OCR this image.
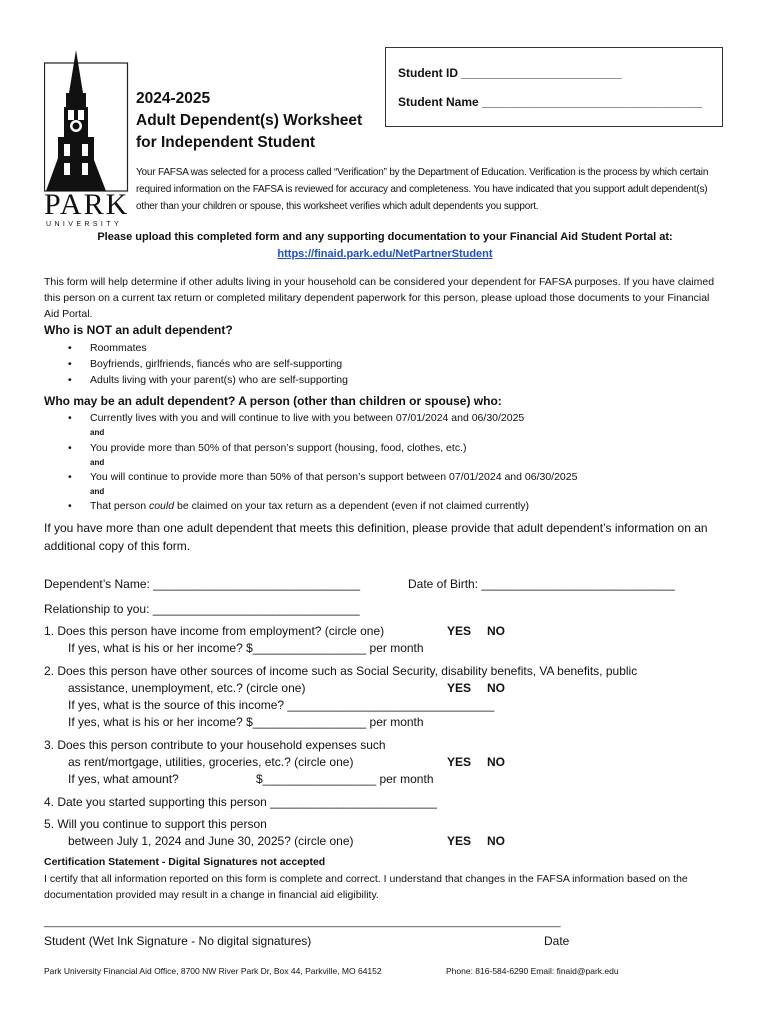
PARK
UNIVERSITY
Student ID ________________________
Student Name _________________________________
2024-2025
Adult Dependent(s) Worksheet
for Independent Student
Your FAFSA was selected for a process called “Verification” by the Department of Education. Verification is the process by which certain required information on the FAFSA is reviewed for accuracy and completeness. You have indicated that you support adult dependent(s) other than your children or spouse, this worksheet verifies which adult dependents you support.
Please upload this completed form and any supporting documentation to your Financial Aid Student Portal at:
https://finaid.park.edu/NetPartnerStudent
This form will help determine if other adults living in your household can be considered your dependent for FAFSA purposes. If you have claimed this person on a current tax return or completed military dependent paperwork for this person, please upload those documents to your Financial Aid Portal.
Who is NOT an adult dependent?
• Roommates
• Boyfriends, girlfriends, fiancés who are self-supporting
• Adults living with your parent(s) who are self-supporting
Who may be an adult dependent? A person (other than children or spouse) who:
• Currently lives with you and will continue to live with you between 07/01/2024 and 06/30/2025
and
• You provide more than 50% of that person’s support (housing, food, clothes, etc.)
and
• You will continue to provide more than 50% of that person’s support between 07/01/2024 and 06/30/2025
and
• That person could be claimed on your tax return as a dependent (even if not claimed currently)
If you have more than one adult dependent that meets this definition, please provide that adult dependent’s information on an additional copy of this form.
Dependent’s Name: _______________________________	Date of Birth: _____________________________
Relationship to you: _______________________________
1. Does this person have income from employment? (circle one)	YES NO
If yes, what is his or her income? $_________________ per month
2. Does this person have other sources of income such as Social Security, disability benefits, VA benefits, public
assistance, unemployment, etc.? (circle one)	YES NO
If yes, what is the source of this income? _______________________________
If yes, what is his or her income? $_________________ per month
3. Does this person contribute to your household expenses such
as rent/mortgage, utilities, groceries, etc.? (circle one)	YES NO
If yes, what amount?	$_________________ per month
4. Date you started supporting this person _________________________
5. Will you continue to support this person
between July 1, 2024 and June 30, 2025? (circle one)	YES NO
Certification Statement - Digital Signatures not accepted
I certify that all information reported on this form is complete and correct. I understand that changes in the FAFSA information based on the documentation provided may result in a change in financial aid eligibility.
_______________________________________________________________________________________
Student (Wet Ink Signature - No digital signatures)	Date
Park University Financial Aid Office, 8700 NW River Park Dr, Box 44, Parkville, MO 64152	Phone: 816-584-6290 Email: finaid@park.edu
